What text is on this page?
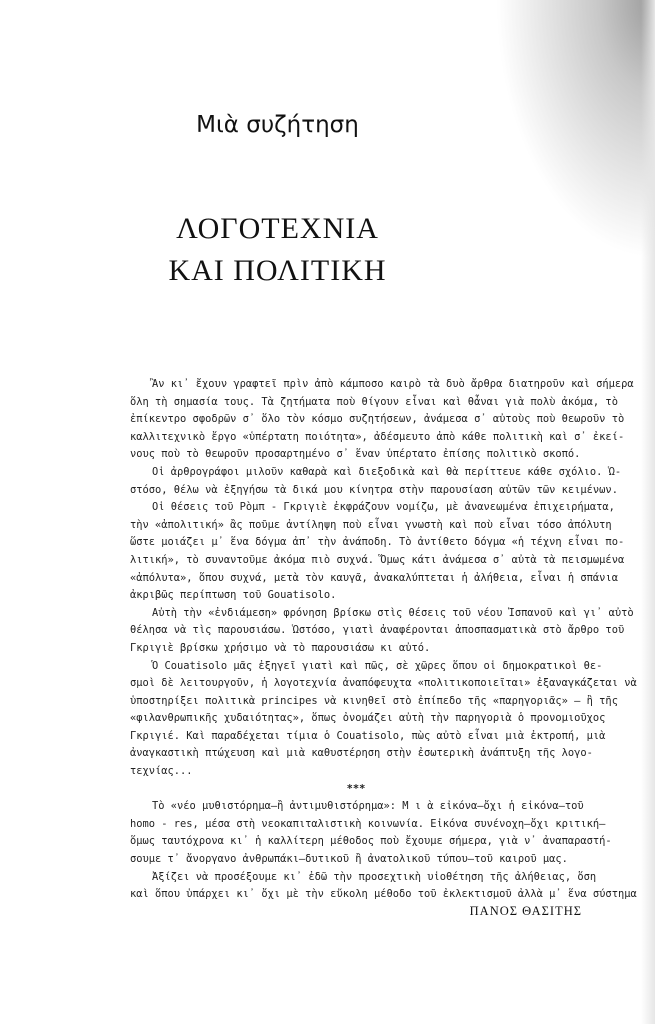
Μιὰ συζήτηση
ΛΟΓΟΤΕΧΝΙΑ
ΚΑΙ ΠΟΛΙΤΙΚΗ
Ἂν κι᾿ ἔχουν γραφτεῖ πρὶν ἀπὸ κάμποσο καιρὸ τὰ δυὸ ἄρθρα διατηροῦν καὶ σήμερα
ὅλη τὴ σημασία τους. Τὰ ζητήματα ποὺ θίγουν εἶναι καὶ θἆναι γιὰ πολὺ ἀκόμα, τὸ
ἐπίκεντρο σφοδρῶν σ᾿ ὅλο τὸν κόσμο συζητήσεων, ἀνάμεσα σ᾿ αὐτοὺς ποὺ θεωροῦν τὸ
καλλιτεχνικὸ ἔργο «ὑπέρτατη ποιότητα», ἀδέσμευτο ἀπὸ κάθε πολιτικὴ καὶ σ᾿ ἐκεί-
νους ποὺ τὸ θεωροῦν προσαρτημένο σ᾿ ἕναν ὑπέρτατο ἐπίσης πολιτικὸ σκοπό.
Οἱ ἀρθρογράφοι μιλοῦν καθαρὰ καὶ διεξοδικὰ καὶ θὰ περίττευε κάθε σχόλιο. Ὡ-
στόσο, θέλω νὰ ἐξηγήσω τὰ δικά μου κίνητρα στὴν παρουσίαση αὐτῶν τῶν κειμένων.
Οἱ θέσεις τοῦ Ρὸμπ - Γκριγιὲ ἐκφράζουν νομίζω, μὲ ἀνανεωμένα ἐπιχειρήματα,
τὴν «ἀπολιτική» ἂς ποῦμε ἀντίληψη ποὺ εἶναι γνωστὴ καὶ ποὺ εἶναι τόσο ἀπόλυτη
ὥστε μοιάζει μ᾿ ἕνα δόγμα ἀπ᾿ τὴν ἀνάποδη. Τὸ ἀντίθετο δόγμα «ἡ τέχνη εἶναι πο-
λιτική», τὸ συναντοῦμε ἀκόμα πιὸ συχνά. Ὅμως κάτι ἀνάμεσα σ᾿ αὐτὰ τὰ πεισμωμένα
«ἀπόλυτα», ὅπου συχνά, μετὰ τὸν καυγᾶ, ἀνακαλύπτεται ἡ ἀλήθεια, εἶναι ἡ σπάνια
ἀκριβῶς περίπτωση τοῦ Gouatisolo.
Αὐτὴ τὴν «ἐνδιάμεση» φρόνηση βρίσκω στὶς θέσεις τοῦ νέου Ἱσπανοῦ καὶ γι᾿ αὐτὸ
θέλησα νὰ τὶς παρουσιάσω. Ὡστόσο, γιατὶ ἀναφέρονται ἀποσπασματικὰ στὸ ἄρθρο τοῦ
Γκριγιὲ βρίσκω χρήσιμο νὰ τὸ παρουσιάσω κι αὐτό.
Ὁ Couatisolo μᾶς ἐξηγεῖ γιατὶ καὶ πῶς, σὲ χῶρες ὅπου οἱ δημοκρατικοὶ θε-
σμοὶ δὲ λειτουργοῦν, ἡ λογοτεχνία ἀναπόφευχτα «πολιτικοποιεῖται» ἐξαναγκάζεται νὰ
ὑποστηρίξει πολιτικὰ principes νὰ κινηθεῖ στὸ ἐπίπεδο τῆς «παρηγοριᾶς» — ἢ τῆς
«φιλανθρωπικῆς χυδαιότητας», ὅπως ὀνομάζει αὐτὴ τὴν παρηγοριὰ ὁ προνομιοῦχος
Γκριγιέ. Καὶ παραδέχεται τίμια ὁ Couatisolo, πὼς αὐτὸ εἶναι μιὰ ἐκτροπή, μιὰ
ἀναγκαστικὴ πτώχευση καὶ μιὰ καθυστέρηση στὴν ἐσωτερικὴ ἀνάπτυξη τῆς λογο-
τεχνίας...
***
Τὸ «νέο μυθιστόρημα—ἢ ἀντιμυθιστόρημα»: Μ ι ὰ εἰκόνα—ὄχι ἡ εἰκόνα—τοῦ
homo - res, μέσα στὴ νεοκαπιταλιστικὴ κοινωνία. Εἰκόνα συνένοχη—ὄχι κριτική—
ὅμως ταυτόχρονα κι᾿ ἡ καλλίτερη μέθοδος ποὺ ἔχουμε σήμερα, γιὰ ν᾿ ἀναπαραστή-
σουμε τ᾿ ἄνοργανο ἀνθρωπάκι—δυτικοῦ ἢ ἀνατολικοῦ τύπου—τοῦ καιροῦ μας.
Ἀξίζει νὰ προσέξουμε κι᾿ ἐδῶ τὴν προσεχτικὴ υἱοθέτηση τῆς ἀλήθειας, ὅση
καὶ ὅπου ὑπάρχει κι᾿ ὄχι μὲ τὴν εὔκολη μέθοδο τοῦ ἐκλεκτισμοῦ ἀλλὰ μ᾿ ἕνα σύστημα
ΠΑΝΟΣ ΘΑΣΙΤΗΣ
